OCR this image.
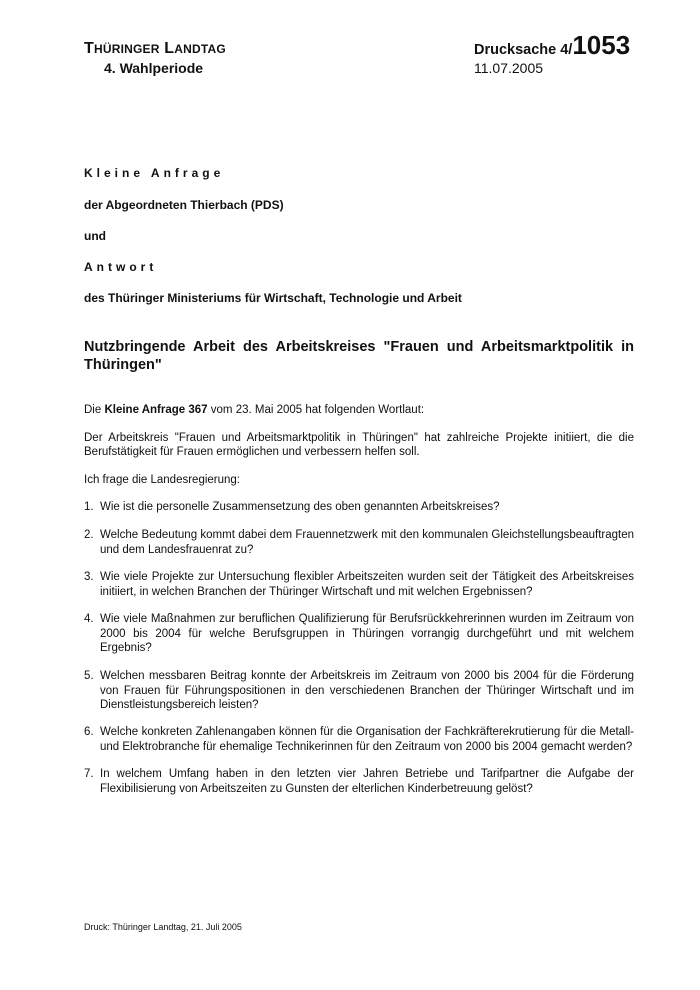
THÜRINGER LANDTAG
4. Wahlperiode
Drucksache 4/ 1053
11.07.2005
Kleine Anfrage
der Abgeordneten Thierbach (PDS)
und
Antwort
des Thüringer Ministeriums für Wirtschaft, Technologie und Arbeit
Nutzbringende Arbeit des Arbeitskreises "Frauen und Arbeitsmarktpolitik in Thüringen"
Die Kleine Anfrage 367 vom 23. Mai 2005 hat folgenden Wortlaut:
Der Arbeitskreis "Frauen und Arbeitsmarktpolitik in Thüringen" hat zahlreiche Projekte initiiert, die die Berufstätigkeit für Frauen ermöglichen und verbessern helfen soll.
Ich frage die Landesregierung:
1. Wie ist die personelle Zusammensetzung des oben genannten Arbeitskreises?
2. Welche Bedeutung kommt dabei dem Frauennetzwerk mit den kommunalen Gleichstellungsbeauftragten und dem Landesfrauenrat zu?
3. Wie viele Projekte zur Untersuchung flexibler Arbeitszeiten wurden seit der Tätigkeit des Arbeitskreises initiiert, in welchen Branchen der Thüringer Wirtschaft und mit welchen Ergebnissen?
4. Wie viele Maßnahmen zur beruflichen Qualifizierung für Berufsrückkehrerinnen wurden im Zeitraum von 2000 bis 2004 für welche Berufsgruppen in Thüringen vorrangig durchgeführt und mit welchem Ergebnis?
5. Welchen messbaren Beitrag konnte der Arbeitskreis im Zeitraum von 2000 bis 2004 für die Förderung von Frauen für Führungspositionen in den verschiedenen Branchen der Thüringer Wirtschaft und im Dienstleistungsbereich leisten?
6. Welche konkreten Zahlenangaben können für die Organisation der Fachkräfterekrutierung für die Metall- und Elektrobranche für ehemalige Technikerinnen für den Zeitraum von 2000 bis 2004 gemacht werden?
7. In welchem Umfang haben in den letzten vier Jahren Betriebe und Tarifpartner die Aufgabe der Flexibilisierung von Arbeitszeiten zu Gunsten der elterlichen Kinderbetreuung gelöst?
Druck: Thüringer Landtag, 21. Juli 2005
